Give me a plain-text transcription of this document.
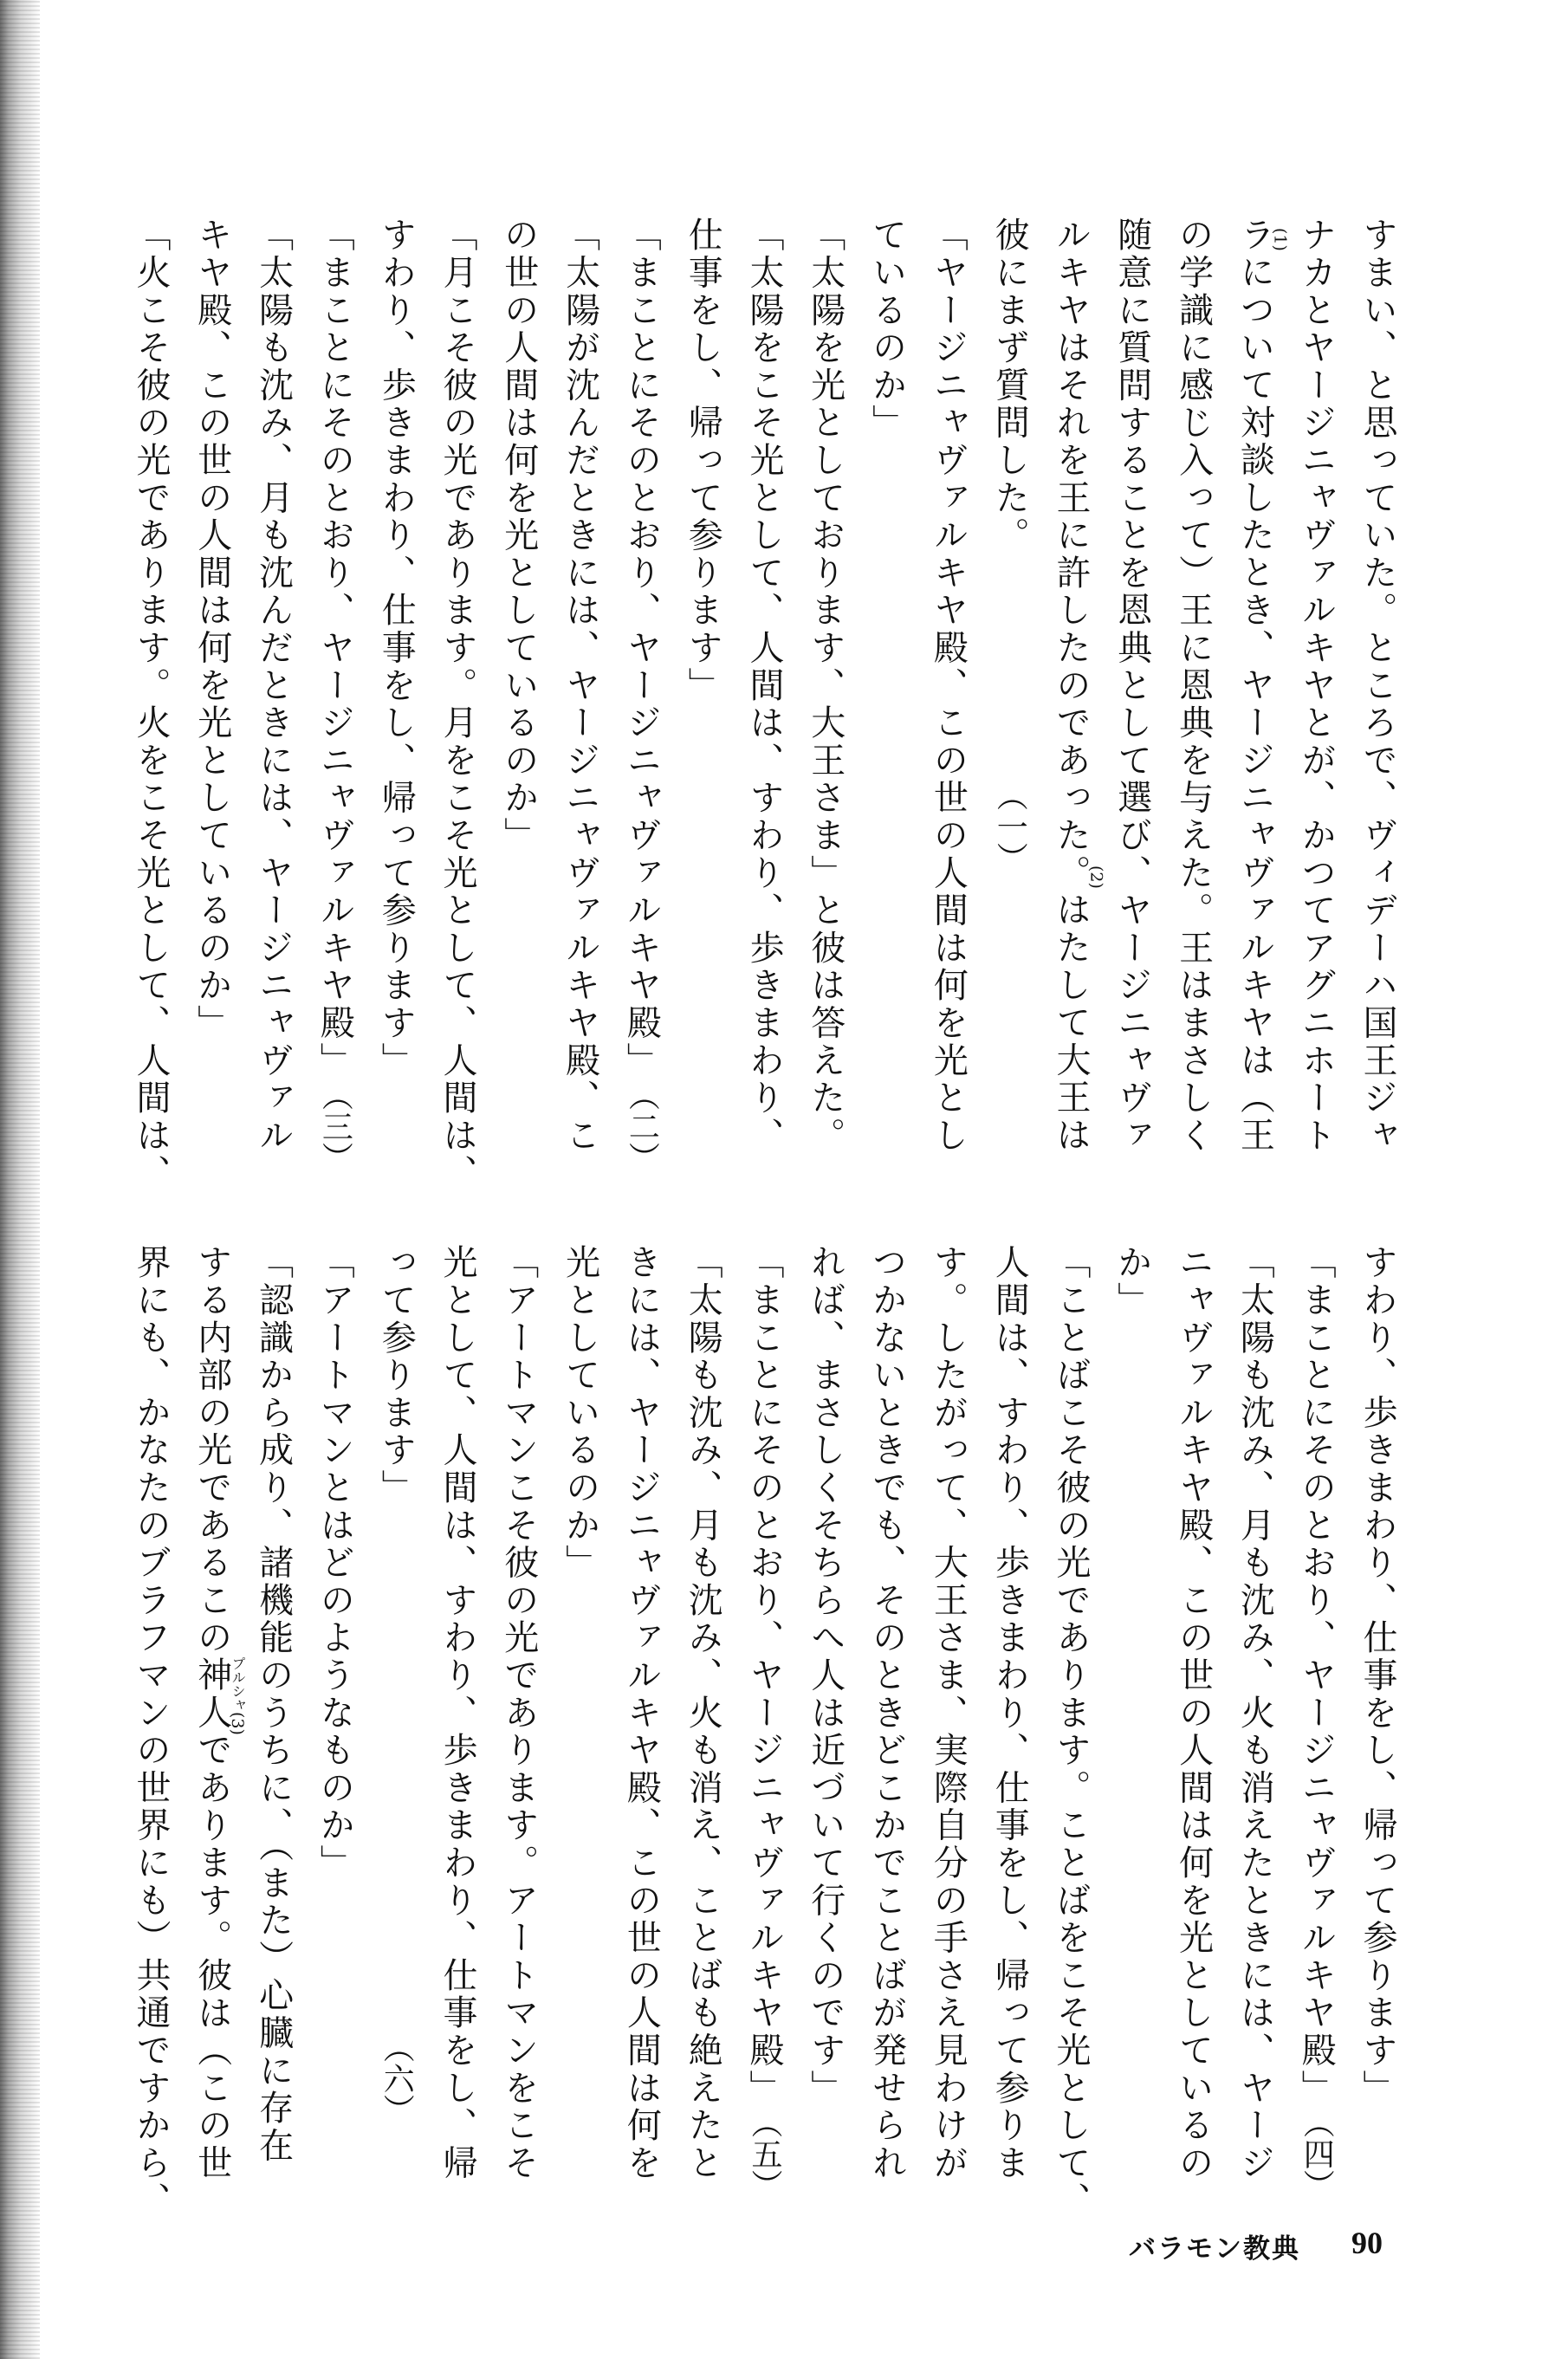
すまい、と思っていた。ところで、ヴィデーハ国王ジャ
ナカとヤージニャヴァルキヤとが、かつてアグニホート
ラ
(1)
について対談したとき、ヤージニャヴァルキヤは（王
の学識に感じ入って）王に恩典を与えた。王はまさしく
随意に質問することを恩典として選び、ヤージニャヴァ
ルキヤはそれを王に許したのであった。
(2)
はたして大王は
彼にまず質問した。
（一）
「ヤージニャヴァルキヤ殿、この世の人間は何を光とし
ているのか」
「太陽を光としております、大王さま」と彼は答えた。
「太陽をこそ光として、人間は、すわり、歩きまわり、
仕事をし、帰って参ります」
「まことにそのとおり、ヤージニャヴァルキヤ殿」
（二）
「太陽が沈んだときには、ヤージニャヴァルキヤ殿、こ
の世の人間は何を光としているのか」
「月こそ彼の光であります。月をこそ光として、人間は、
すわり、歩きまわり、仕事をし、帰って参ります」
「まことにそのとおり、ヤージニャヴァルキヤ殿」
（三）
「太陽も沈み、月も沈んだときには、ヤージニャヴァル
キヤ殿、この世の人間は何を光としているのか」
「火こそ彼の光であります。火をこそ光として、人間は、
すわり、歩きまわり、仕事をし、帰って参ります」
「まことにそのとおり、ヤージニャヴァルキヤ殿」
（四）
「太陽も沈み、月も沈み、火も消えたときには、ヤージ
ニャヴァルキヤ殿、この世の人間は何を光としているの
か」
「ことばこそ彼の光であります。ことばをこそ光として、
人間は、すわり、歩きまわり、仕事をし、帰って参りま
す。したがって、大王さま、実際自分の手さえ見わけが
つかないときでも、そのときどこかでことばが発せられ
れば、まさしくそちらへ人は近づいて行くのです」
「まことにそのとおり、ヤージニャヴァルキヤ殿」
（五）
「太陽も沈み、月も沈み、火も消え、ことばも絶えたと
きには、ヤージニャヴァルキヤ殿、この世の人間は何を
光としているのか」
「アートマンこそ彼の光であります。アートマンをこそ
光として、人間は、すわり、歩きまわり、仕事をし、帰
って参ります」
（六）
「アートマンとはどのようなものか」
「認識から成り、諸機能のうちに、（また）心臓に存在
する内部の光であるこの神人
プルシャ(3)
であります。彼は（この世
界にも、かなたのブラフマンの世界にも）共通ですから、
バラモン教典 90
